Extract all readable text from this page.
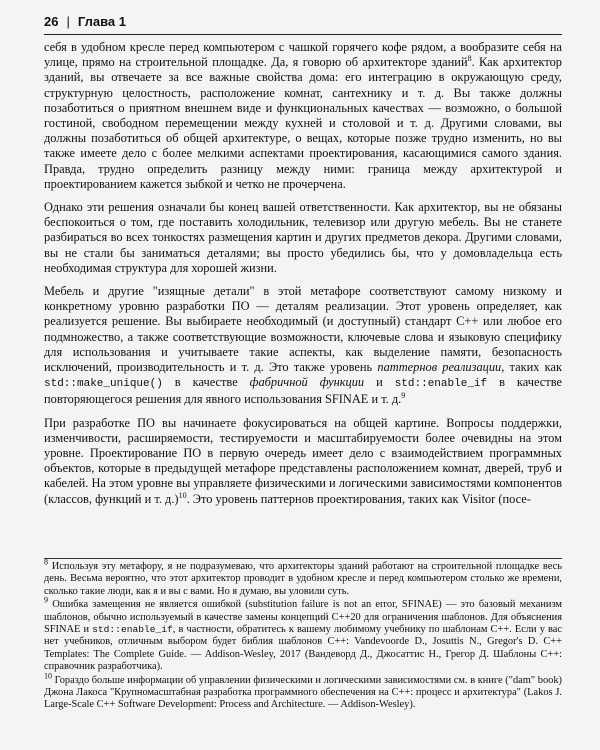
26 | Глава 1

себя в удобном кресле перед компьютером с чашкой горячего кофе рядом, а вообразите себя на улице, прямо на строительной площадке. Да, я говорю об архитекторе зданий$^8$. Как архитектор зданий, вы отвечаете за все важные свойства дома: его интеграцию в окружающую среду, структурную целостность, расположение комнат, сантехнику и т. д. Вы также должны позаботиться о приятном внешнем виде и функциональных качествах — возможно, о большой гостиной, свободном перемещении между кухней и столовой и т. д. Другими словами, вы должны позаботиться об общей архитектуре, о вещах, которые позже трудно изменить, но вы также имеете дело с более мелкими аспектами проектирования, касающимися самого здания. Правда, трудно определить разницу между ними: граница между архитектурой и проектированием кажется зыбкой и четко не прочерчена.

Однако эти решения означали бы конец вашей ответственности. Как архитектор, вы не обязаны беспокоиться о том, где поставить холодильник, телевизор или другую мебель. Вы не станете разбираться во всех тонкостях размещения картин и других предметов декора. Другими словами, вы не стали бы заниматься деталями; вы просто убедились бы, что у домовладельца есть необходимая структура для хорошей жизни.

Мебель и другие "изящные детали" в этой метафоре соответствуют самому низкому и конкретному уровню разработки ПО — деталям реализации. Этот уровень определяет, как реализуется решение. Вы выбираете необходимый (и доступный) стандарт C++ или любое его подмножество, а также соответствующие возможности, ключевые слова и языковую специфику для использования и учитываете такие аспекты, как выделение памяти, безопасность исключений, производительность и т. д. Это также уровень паттернов реализации, таких как std::make_unique() в качестве фабричной функции и std::enable_if в качестве повторяющегося решения для явного использования SFINAE и т. д.$^9$

При разработке ПО вы начинаете фокусироваться на общей картине. Вопросы поддержки, изменчивости, расширяемости, тестируемости и масштабируемости более очевидны на этом уровне. Проектирование ПО в первую очередь имеет дело с взаимодействием программных объектов, которые в предыдущей метафоре представлены расположением комнат, дверей, труб и кабелей. На этом уровне вы управляете физическими и логическими зависимостями компонентов (классов, функций и т. д.)$^{10}$. Это уровень паттернов проектирования, таких как Visitor (посе-

$^8$ Используя эту метафору, я не подразумеваю, что архитекторы зданий работают на строительной площадке весь день. Весьма вероятно, что этот архитектор проводит в удобном кресле и перед компьютером столько же времени, сколько такие люди, как я и вы с вами. Но я думаю, вы уловили суть.

$^9$ Ошибка замещения не является ошибкой (substitution failure is not an error, SFINAE) — это базовый механизм шаблонов, обычно используемый в качестве замены концепций C++20 для ограничения шаблонов. Для объяснения SFINAE и std::enable_if, в частности, обратитесь к вашему любимому учебнику по шаблонам C++. Если у вас нет учебников, отличным выбором будет библия шаблонов C++: Vandevoorde D., Josuttis N., Gregor's D. C++ Templates: The Complete Guide. — Addison-Wesley, 2017 (Вандеворд Д., Джосаттис Н., Грегор Д. Шаблоны C++: справочник разработчика).

$^{10}$ Гораздо больше информации об управлении физическими и логическими зависимостями см. в книге ("dam" book) Джона Лакоса "Крупномасштабная разработка программного обеспечения на C++: процесс и архитектура" (Lakos J. Large-Scale C++ Software Development: Process and Architecture. — Addison-Wesley).
